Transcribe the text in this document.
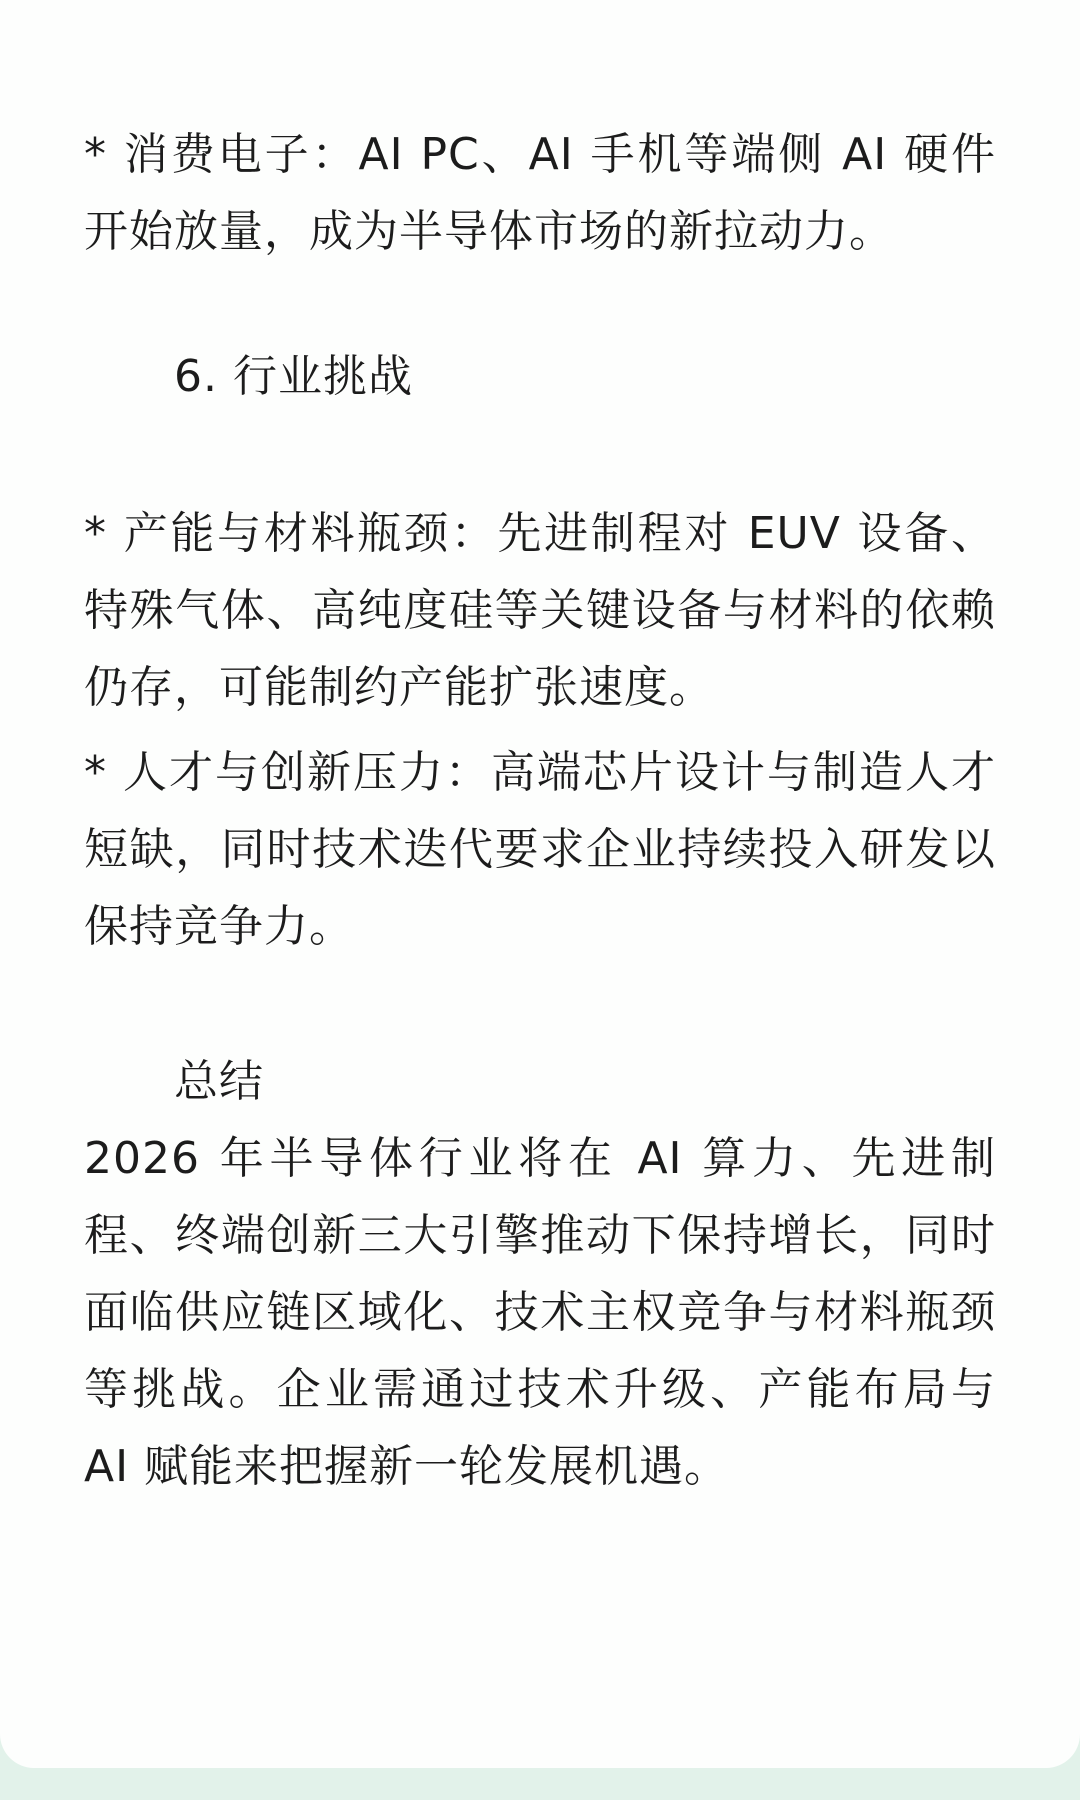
* 消费电子：AI PC、AI 手机等端侧 AI 硬件开始放量，成为半导体市场的新拉动力。

6. 行业挑战

* 产能与材料瓶颈：先进制程对 EUV 设备、特殊气体、高纯度硅等关键设备与材料的依赖仍存，可能制约产能扩张速度。

* 人才与创新压力：高端芯片设计与制造人才短缺，同时技术迭代要求企业持续投入研发以保持竞争力。

总结

2026 年半导体行业将在 AI 算力、先进制程、终端创新三大引擎推动下保持增长，同时面临供应链区域化、技术主权竞争与材料瓶颈等挑战。企业需通过技术升级、产能布局与 AI 赋能来把握新一轮发展机遇。
